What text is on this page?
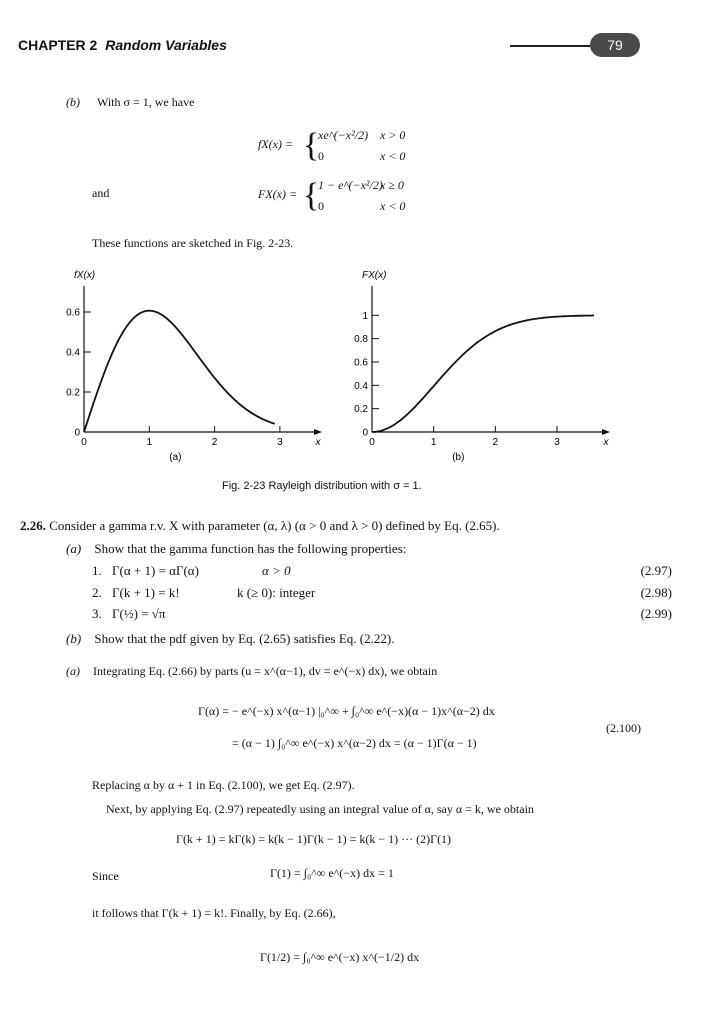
CHAPTER 2 Random Variables	79
(b) With σ = 1, we have
fX(x) = {
xe^(−x²/2) x > 0
0	x < 0
and	FX(x) = {
1 − e^(−x²/2)
x ≥ 0
0	x < 0
These functions are sketched in Fig. 2-23.
fX(x)
0
0.2
0.4
0.6
0	1	2	3	x
(a)
FX(x)
0
0.2
0.4
0.6
0.8
1
0	1	2	3	x
(b)
Fig. 2-23 Rayleigh distribution with σ = 1.
2.26. Consider a gamma r.v. X with parameter (α, λ) (α > 0 and λ > 0) defined by Eq. (2.65).
(a) Show that the gamma function has the following properties:
1. Γ(α + 1) = αΓ(α)	α > 0	(2.97)
2. Γ(k + 1) = k!	k (≥ 0): integer	(2.98)
3. Γ(½) = √π	(2.99)
(b) Show that the pdf given by Eq. (2.65) satisfies Eq. (2.22).
(a) Integrating Eq. (2.66) by parts (u = x^(α−1), dv = e^(−x) dx), we obtain
Γ(α) = − e^(−x) x^(α−1) |₀^∞ + ∫₀^∞ e^(−x)(α − 1)x^(α−2) dx
= (α − 1) ∫₀^∞ e^(−x) x^(α−2) dx = (α − 1)Γ(α − 1)
(2.100)
Replacing α by α + 1 in Eq. (2.100), we get Eq. (2.97).
Next, by applying Eq. (2.97) repeatedly using an integral value of α, say α = k, we obtain
Γ(k + 1) = kΓ(k) = k(k − 1)Γ(k − 1) = k(k − 1) ··· (2)Γ(1)
Since	Γ(1) = ∫₀^∞ e^(−x) dx = 1
it follows that Γ(k + 1) = k!. Finally, by Eq. (2.66),
Γ(1/2) = ∫₀^∞ e^(−x) x^(−1/2) dx
